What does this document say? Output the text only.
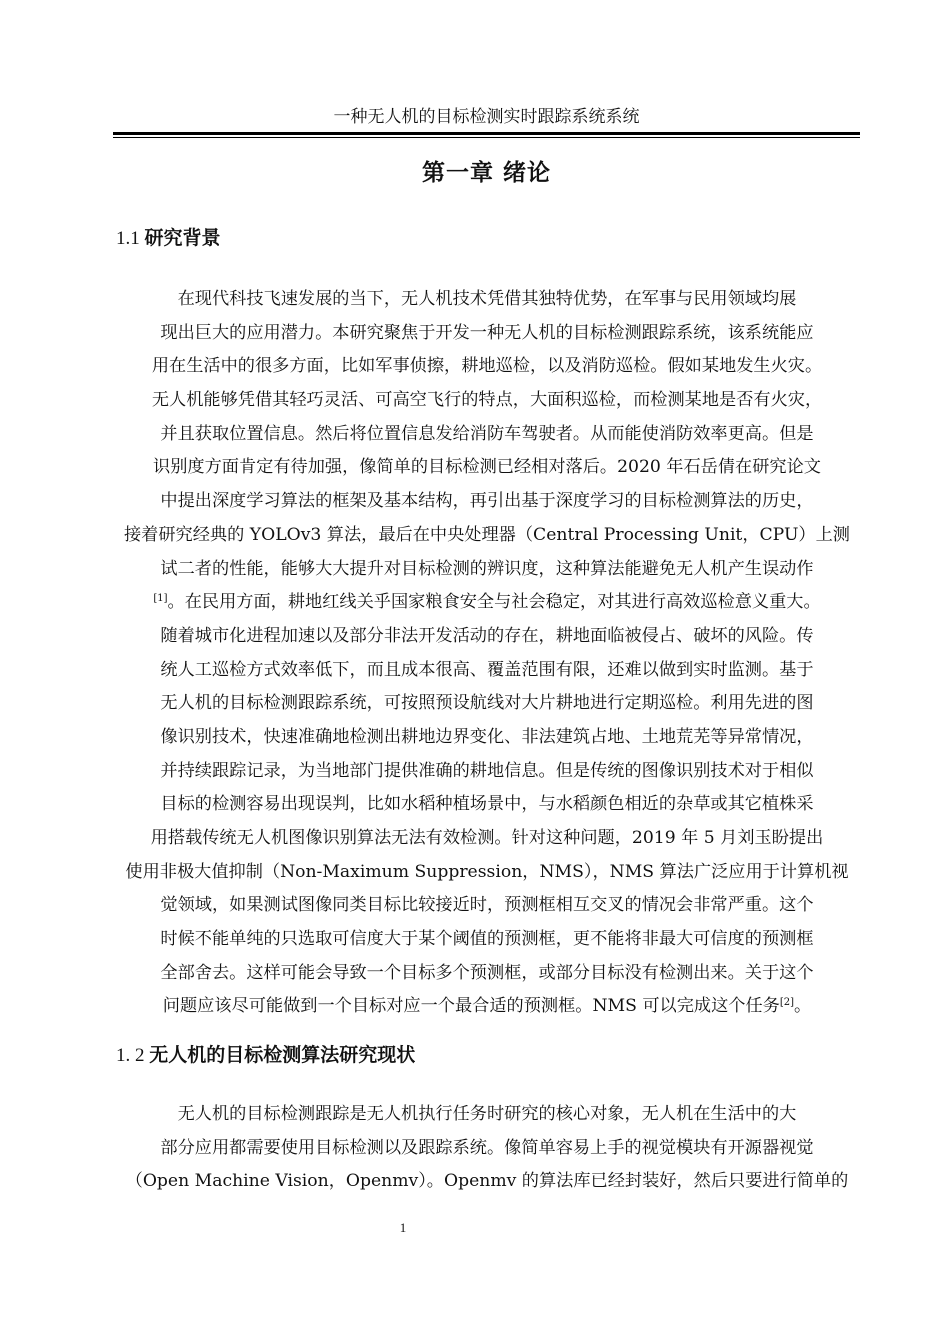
一种无人机的目标检测实时跟踪系统系统
第一章 绪论
1.1 研究背景
在现代科技飞速发展的当下，无人机技术凭借其独特优势，在军事与民用领域均展
现出巨大的应用潜力。本研究聚焦于开发一种无人机的目标检测跟踪系统，该系统能应
用在生活中的很多方面，比如军事侦擦，耕地巡检，以及消防巡检。假如某地发生火灾。
无人机能够凭借其轻巧灵活、可高空飞行的特点，大面积巡检，而检测某地是否有火灾，
并且获取位置信息。然后将位置信息发给消防车驾驶者。从而能使消防效率更高。但是
识别度方面肯定有待加强，像简单的目标检测已经相对落后。2020 年石岳倩在研究论文
中提出深度学习算法的框架及基本结构，再引出基于深度学习的目标检测算法的历史，
接着研究经典的 YOLOv3 算法，最后在中央处理器（Central Processing Unit，CPU）上测
试二者的性能，能够大大提升对目标检测的辨识度，这种算法能避免无人机产生误动作
[1]。在民用方面，耕地红线关乎国家粮食安全与社会稳定，对其进行高效巡检意义重大。
随着城市化进程加速以及部分非法开发活动的存在，耕地面临被侵占、破坏的风险。传
统人工巡检方式效率低下，而且成本很高、覆盖范围有限，还难以做到实时监测。基于
无人机的目标检测跟踪系统，可按照预设航线对大片耕地进行定期巡检。利用先进的图
像识别技术，快速准确地检测出耕地边界变化、非法建筑占地、土地荒芜等异常情况，
并持续跟踪记录，为当地部门提供准确的耕地信息。但是传统的图像识别技术对于相似
目标的检测容易出现误判，比如水稻种植场景中，与水稻颜色相近的杂草或其它植株采
用搭载传统无人机图像识别算法无法有效检测。针对这种问题，2019 年 5 月刘玉盼提出
使用非极大值抑制（Non-Maximum Suppression，NMS），NMS 算法广泛应用于计算机视
觉领域，如果测试图像同类目标比较接近时，预测框相互交叉的情况会非常严重。这个
时候不能单纯的只选取可信度大于某个阈值的预测框，更不能将非最大可信度的预测框
全部舍去。这样可能会导致一个目标多个预测框，或部分目标没有检测出来。关于这个
问题应该尽可能做到一个目标对应一个最合适的预测框。NMS 可以完成这个任务[2]。
1. 2 无人机的目标检测算法研究现状
无人机的目标检测跟踪是无人机执行任务时研究的核心对象，无人机在生活中的大
部分应用都需要使用目标检测以及跟踪系统。像简单容易上手的视觉模块有开源器视觉
（Open Machine Vision，Openmv）。Openmv 的算法库已经封装好，然后只要进行简单的
1
